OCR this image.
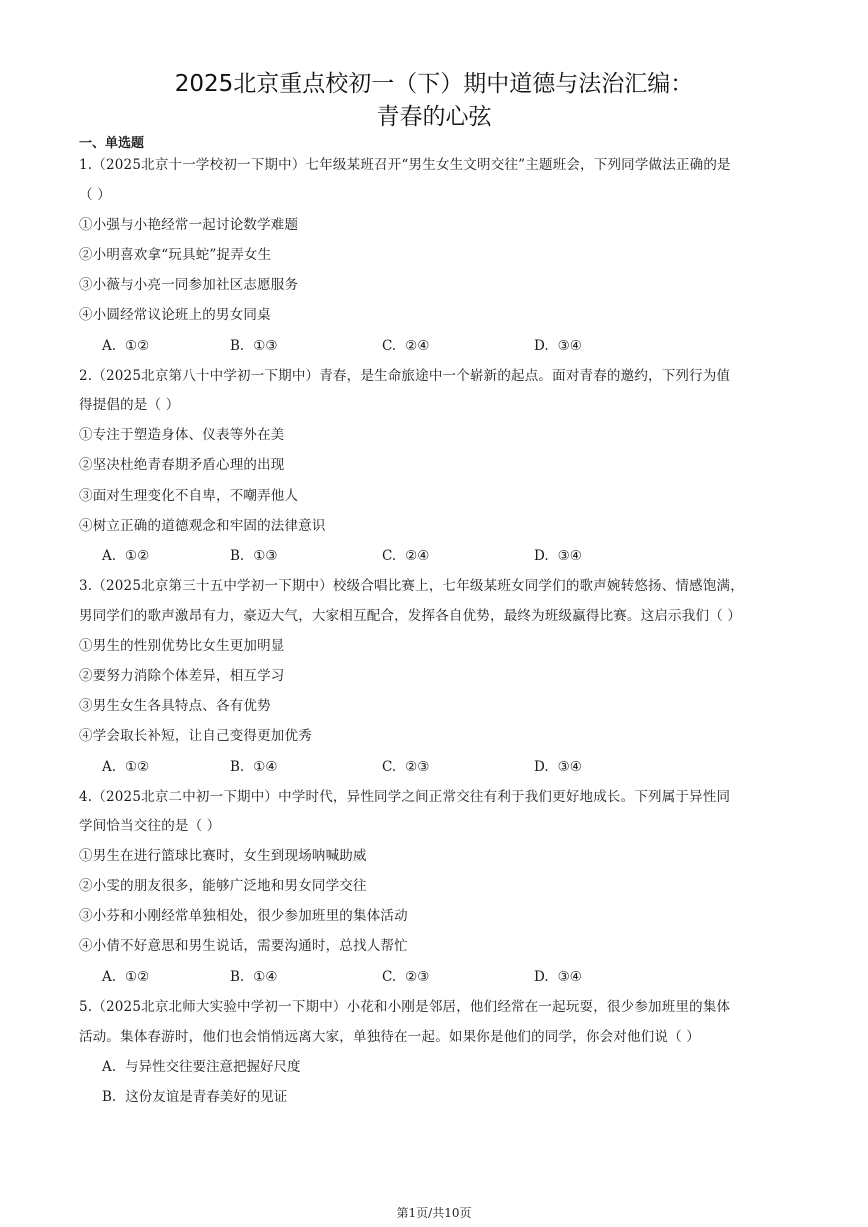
2025北京重点校初一（下）期中道德与法治汇编：
青春的心弦
一、单选题
1.（2025北京十一学校初一下期中）七年级某班召开“男生女生文明交往”主题班会，下列同学做法正确的是
（ ）
①小强与小艳经常一起讨论数学难题
②小明喜欢拿“玩具蛇”捉弄女生
③小薇与小亮一同参加社区志愿服务
④小圆经常议论班上的男女同桌
A. ①②	B. ①③	C. ②④	D. ③④
2.（2025北京第八十中学初一下期中）青春，是生命旅途中一个崭新的起点。面对青春的邀约，下列行为值
得提倡的是（ ）
①专注于塑造身体、仪表等外在美
②坚决杜绝青春期矛盾心理的出现
③面对生理变化不自卑，不嘲弄他人
④树立正确的道德观念和牢固的法律意识
A. ①②	B. ①③	C. ②④	D. ③④
3.（2025北京第三十五中学初一下期中）校级合唱比赛上，七年级某班女同学们的歌声婉转悠扬、情感饱满，
男同学们的歌声激昂有力，豪迈大气，大家相互配合，发挥各自优势，最终为班级赢得比赛。这启示我们（ ）
①男生的性别优势比女生更加明显
②要努力消除个体差异，相互学习
③男生女生各具特点、各有优势
④学会取长补短，让自己变得更加优秀
A. ①②	B. ①④	C. ②③	D. ③④
4.（2025北京二中初一下期中）中学时代，异性同学之间正常交往有利于我们更好地成长。下列属于异性同
学间恰当交往的是（ ）
①男生在进行篮球比赛时，女生到现场呐喊助威
②小雯的朋友很多，能够广泛地和男女同学交往
③小芬和小刚经常单独相处，很少参加班里的集体活动
④小倩不好意思和男生说话，需要沟通时，总找人帮忙
A. ①②	B. ①④	C. ②③	D. ③④
5.（2025北京北师大实验中学初一下期中）小花和小刚是邻居，他们经常在一起玩耍，很少参加班里的集体
活动。集体春游时，他们也会悄悄远离大家，单独待在一起。如果你是他们的同学，你会对他们说（ ）
A. 与异性交往要注意把握好尺度
B. 这份友谊是青春美好的见证
第1页/共10页
